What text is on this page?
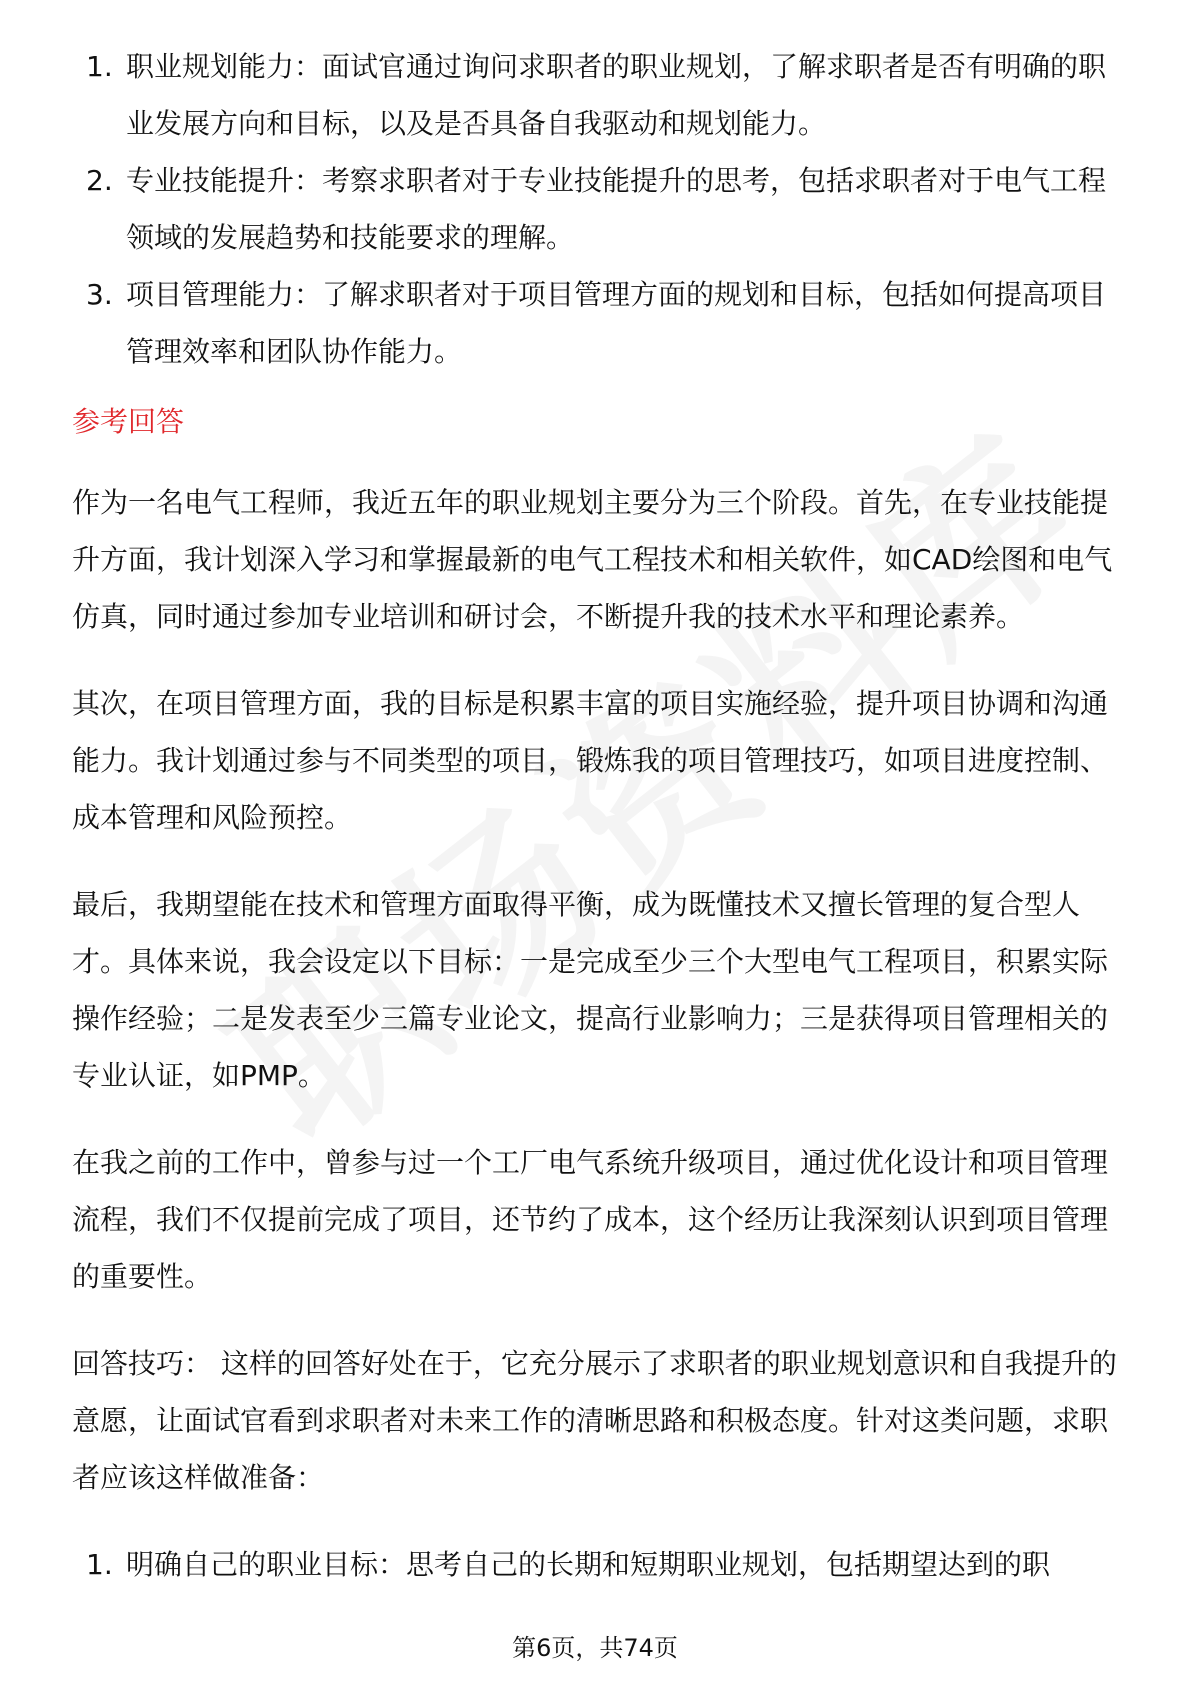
1. 职业规划能力：面试官通过询问求职者的职业规划，了解求职者是否有明确的职业发展方向和目标，以及是否具备自我驱动和规划能力。
2. 专业技能提升：考察求职者对于专业技能提升的思考，包括求职者对于电气工程领域的发展趋势和技能要求的理解。
3. 项目管理能力：了解求职者对于项目管理方面的规划和目标，包括如何提高项目管理效率和团队协作能力。
参考回答

作为一名电气工程师，我近五年的职业规划主要分为三个阶段。首先，在专业技能提升方面，我计划深入学习和掌握最新的电气工程技术和相关软件，如CAD绘图和电气仿真，同时通过参加专业培训和研讨会，不断提升我的技术水平和理论素养。

其次，在项目管理方面，我的目标是积累丰富的项目实施经验，提升项目协调和沟通能力。我计划通过参与不同类型的项目，锻炼我的项目管理技巧，如项目进度控制、成本管理和风险预控。

最后，我期望能在技术和管理方面取得平衡，成为既懂技术又擅长管理的复合型人才。具体来说，我会设定以下目标：一是完成至少三个大型电气工程项目，积累实际操作经验；二是发表至少三篇专业论文，提高行业影响力；三是获得项目管理相关的专业认证，如PMP。

在我之前的工作中，曾参与过一个工厂电气系统升级项目，通过优化设计和项目管理流程，我们不仅提前完成了项目，还节约了成本，这个经历让我深刻认识到项目管理的重要性。

回答技巧： 这样的回答好处在于，它充分展示了求职者的职业规划意识和自我提升的意愿，让面试官看到求职者对未来工作的清晰思路和积极态度。针对这类问题，求职者应该这样做准备：

1. 明确自己的职业目标：思考自己的长期和短期职业规划，包括期望达到的职
第6页，共74页
